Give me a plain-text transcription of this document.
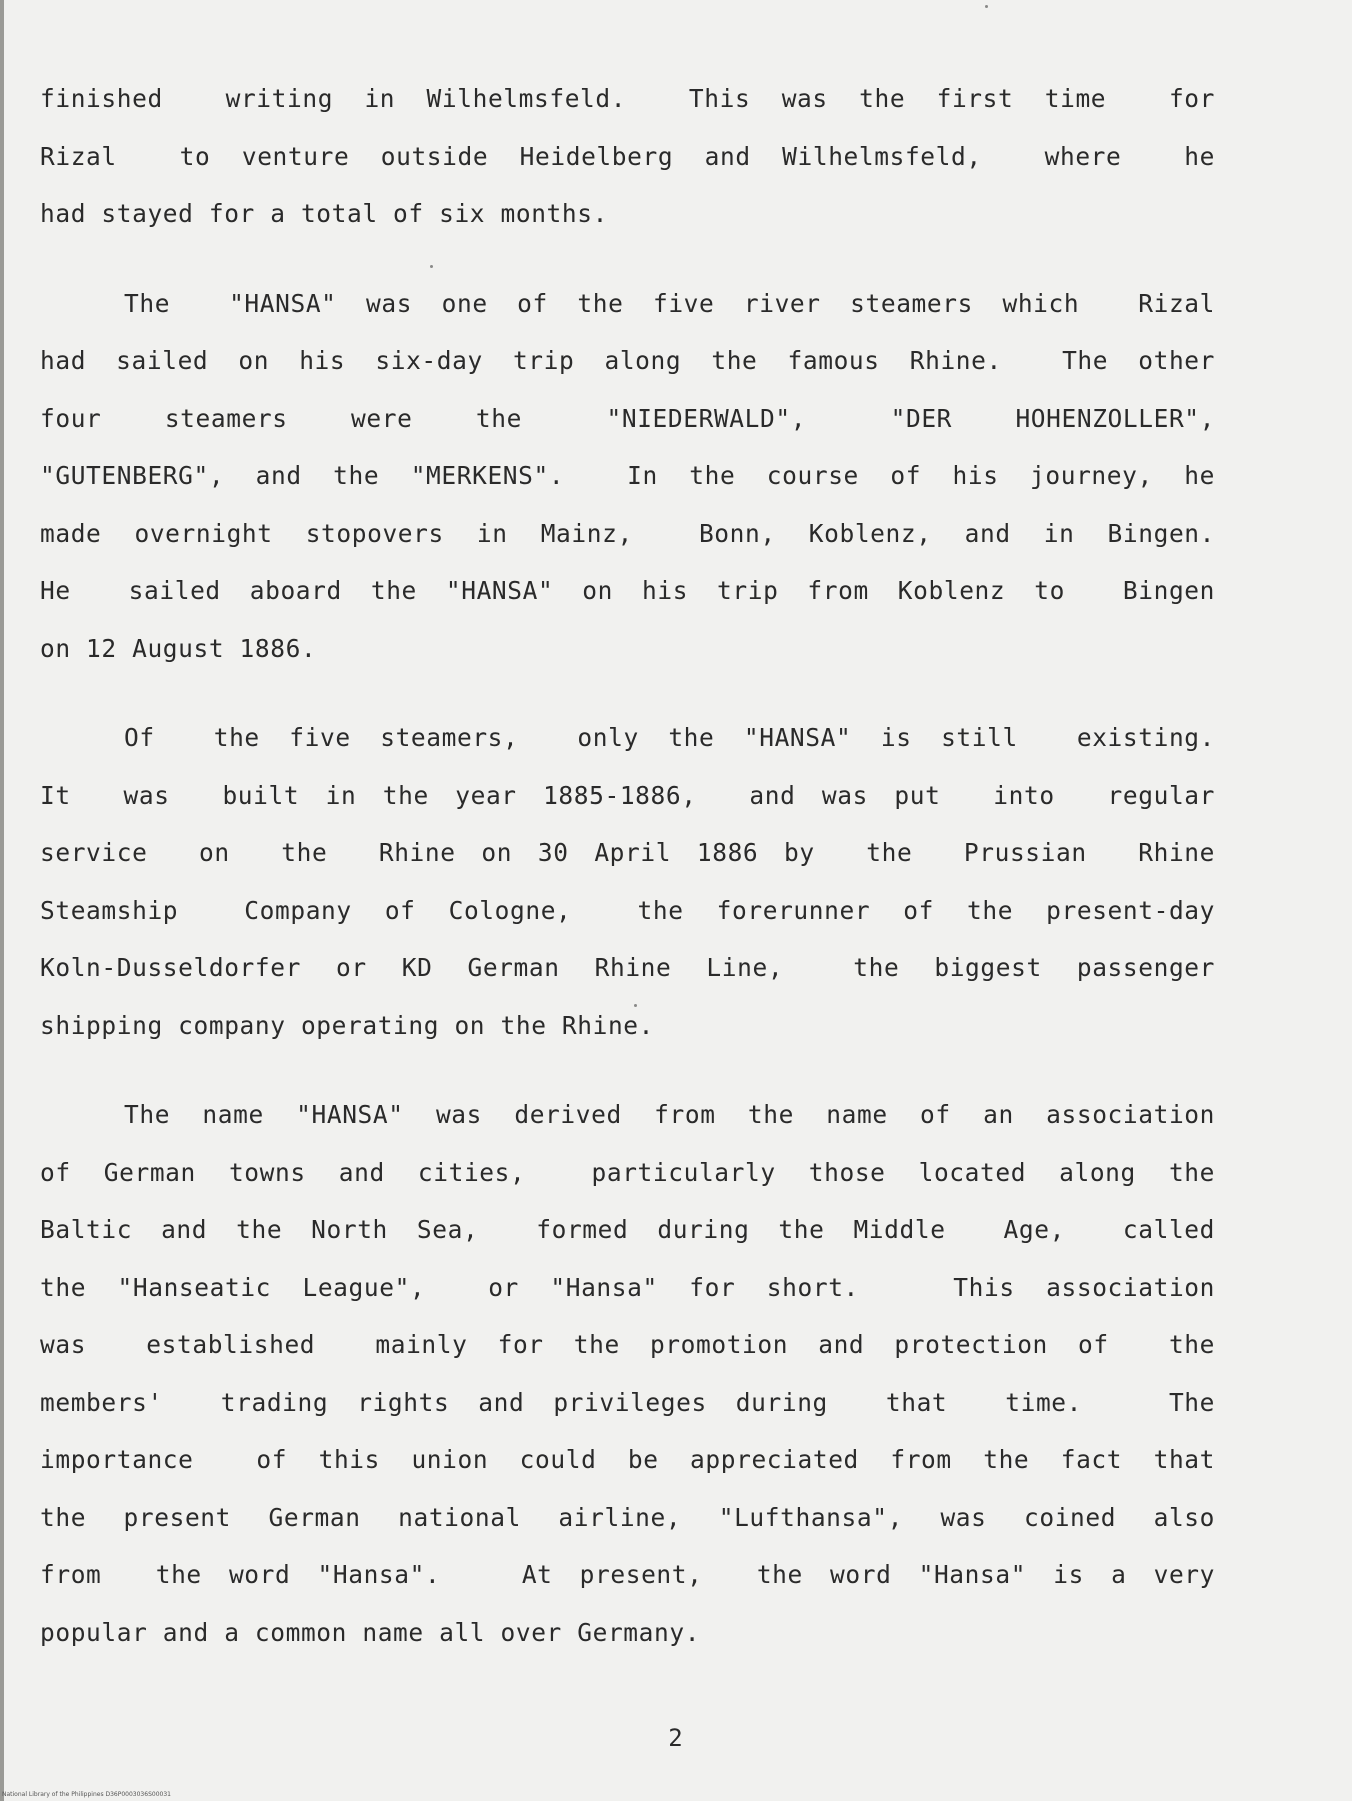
finished  writing in Wilhelmsfeld.  This was the first time  for
Rizal  to venture outside Heidelberg and Wilhelmsfeld,  where  he
had stayed for a total of six months.
The  "HANSA" was one of the five river steamers which  Rizal
had sailed on his six-day trip along the famous Rhine.  The other
four   steamers   were   the    "NIEDERWALD",    "DER   HOHENZOLLER",
"GUTENBERG", and the "MERKENS".  In the course of his journey, he
made overnight stopovers in Mainz,  Bonn, Koblenz, and in Bingen.
He  sailed aboard the "HANSA" on his trip from Koblenz to  Bingen
on 12 August 1886.
Of  the five steamers,  only the "HANSA" is still  existing.
It  was  built in the year 1885-1886,  and was put  into  regular
service  on  the  Rhine on 30 April 1886 by  the  Prussian  Rhine
Steamship  Company of Cologne,  the forerunner of the present-day
Koln-Dusseldorfer or KD German Rhine Line,  the biggest passenger
shipping company operating on the Rhine.
The name "HANSA" was derived from the name of an association
of German towns and cities,  particularly those located along the
Baltic and the North Sea,  formed during the Middle  Age,  called
the "Hanseatic League",  or "Hansa" for short.   This association
was  established  mainly for the promotion and protection of  the
members'  trading rights and privileges during  that  time.   The
importance  of this union could be appreciated from the fact that
the present German national airline, "Lufthansa", was coined also
from  the word "Hansa".   At present,  the word "Hansa" is a very
popular and a common name all over Germany.
2
National Library of the Philippines D36P0003036S00031
